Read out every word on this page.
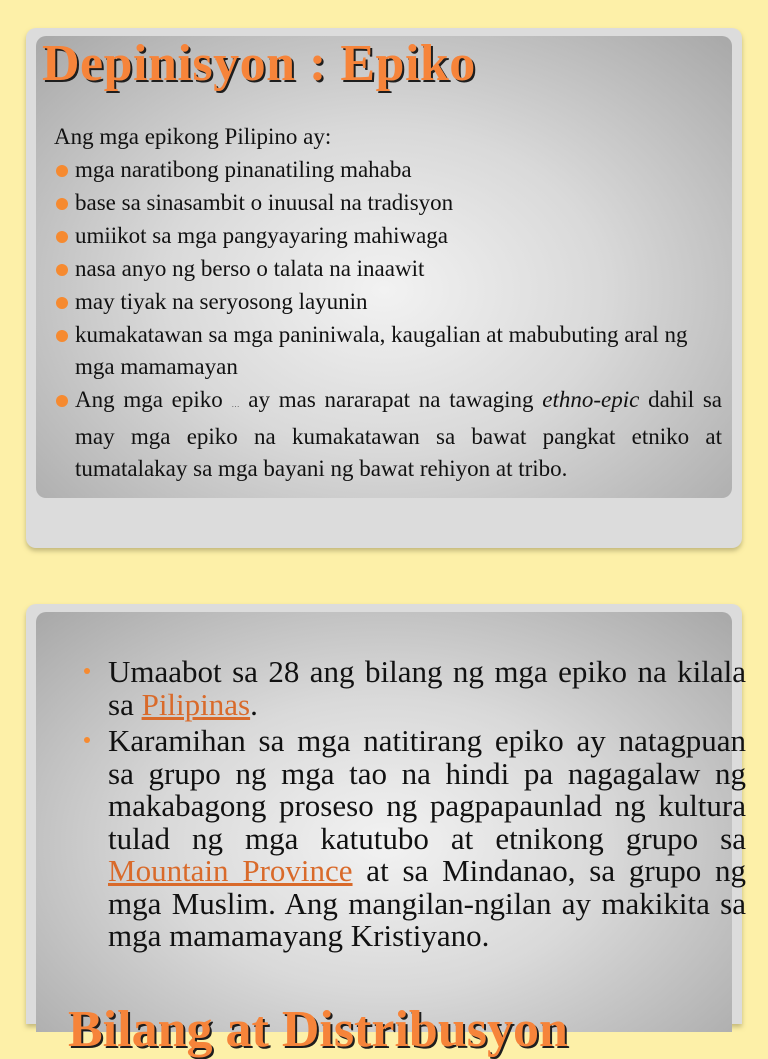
Depinisyon : Epiko

Ang mga epikong Pilipino ay:

mga naratibong pinanatiling mahaba
base sa sinasambit o inuusal na tradisyon
umiikot sa mga pangyayaring mahiwaga
nasa anyo ng berso o talata na inaawit
may tiyak na seryosong layunin
kumakatawan sa mga paniniwala, kaugalian at mabubuting aral ng mga mamamayan
Ang mga epiko … ay mas nararapat na tawaging ethno-epic dahil sa may mga epiko na kumakatawan sa bawat pangkat etniko at tumatalakay sa mga bayani ng bawat rehiyon at tribo.
Umaabot sa 28 ang bilang ng mga epiko na kilala sa Pilipinas.
Karamihan sa mga natitirang epiko ay natagpuan sa grupo ng mga tao na hindi pa nagagalaw ng makabagong proseso ng pagpapaunlad ng kultura tulad ng mga katutubo at etnikong grupo sa Mountain Province at sa Mindanao, sa grupo ng mga Muslim. Ang mangilan-ngilan ay makikita sa mga mamamayang Kristiyano.
Bilang at Distribusyon
